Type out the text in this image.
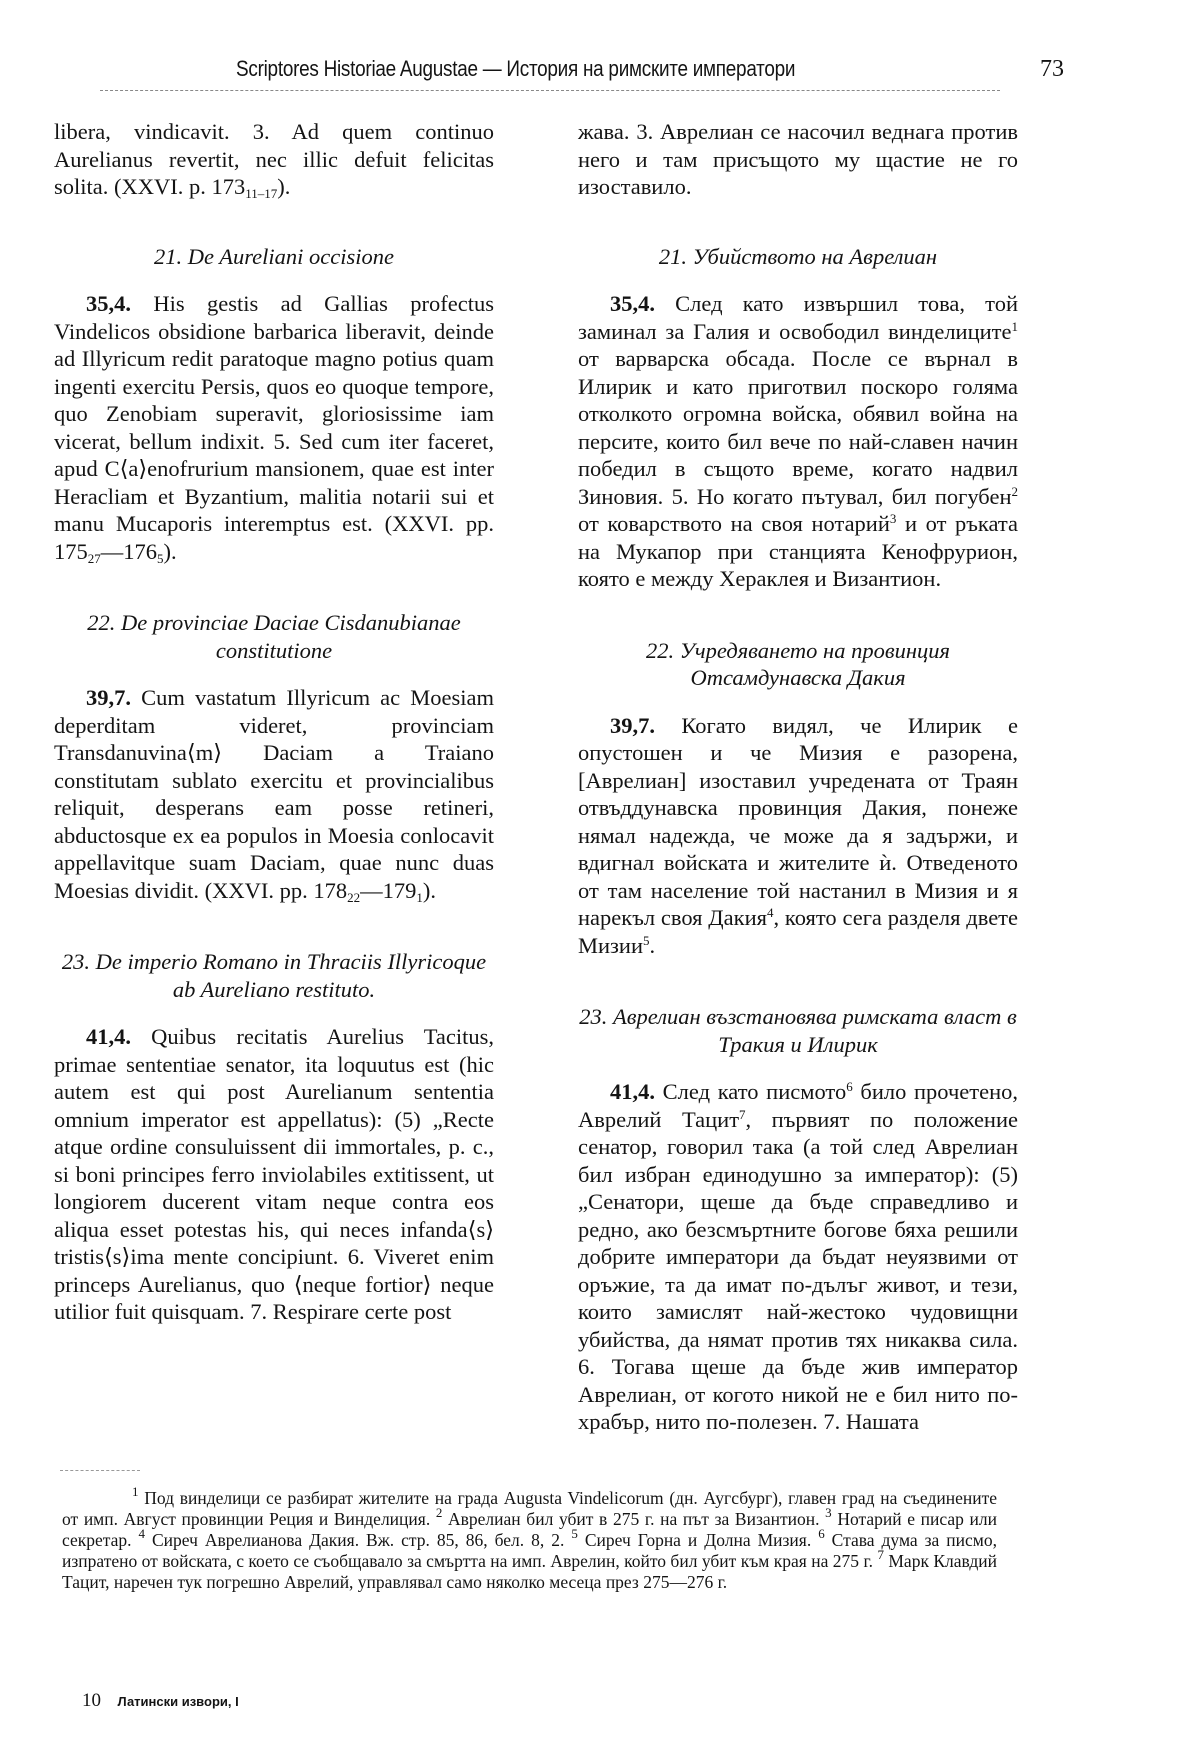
Scriptores Historiae Augustae — История на римските императори	73

libera, vindicavit. 3. Ad quem continuo Aurelianus revertit, nec illic defuit felicitas solita. (XXVI. p. $173_{11-17}$).

21. De Aureliani occisione

35,4. His gestis ad Gallias profectus Vindelicos obsidione barbarica liberavit, deinde ad Illyricum redit paratoque magno potius quam ingenti exercitu Persis, quos eo quoque tempore, quo Zenobiam superavit, gloriosissime iam vicerat, bellum indixit. 5. Sed cum iter faceret, apud C⟨a⟩enofrurium mansionem, quae est inter Heracliam et Byzantium, malitia notarii sui et manu Mucaporis interemptus est. (XXVI. pp. $175_{27}—176_5$).

22. De provinciae Daciae Cisdanubianae constitutione

39,7. Cum vastatum Illyricum ac Moesiam deperditam videret, provinciam Transdanuvina⟨m⟩ Daciam a Traiano constitutam sublato exercitu et provincialibus reliquit, desperans eam posse retineri, abductosque ex ea populos in Moesia conlocavit appellavitque suam Daciam, quae nunc duas Moesias dividit. (XXVI. pp. $178_{22}—179_1$).

23. De imperio Romano in Thraciis Illyricoque ab Aureliano restituto.

41,4. Quibus recitatis Aurelius Tacitus, primae sententiae senator, ita loquutus est (hic autem est qui post Aurelianum sententia omnium imperator est appellatus): (5) „Recte atque ordine consuluissent dii immortales, p. c., si boni principes ferro inviolabiles extitissent, ut longiorem ducerent vitam neque contra eos aliqua esset potestas his, qui neces infanda⟨s⟩ tristis⟨s⟩ima mente concipiunt. 6. Viveret enim princeps Aurelianus, quo ⟨neque fortior⟩ neque utilior fuit quisquam. 7. Respirare certe post

жава. 3. Аврелиан се насочил веднага против него и там присъщото му щастие не го изоставило.

21. Убийството на Аврелиан

35,4. След като извършил това, той заминал за Галия и освободил винделиците$^1$ от варварска обсада. После се върнал в Илирик и като приготвил поскоро голяма отколкото огромна войска, обявил война на персите, които бил вече по най-славен начин победил в същото време, когато надвил Зиновия. 5. Но когато пътувал, бил погубен$^2$ от коварството на своя нотарий$^3$ и от ръката на Мукапор при станцията Кенофрурион, която е между Хераклея и Византион.

22. Учредяването на провинция Отсамдунавска Дакия

39,7. Когато видял, че Илирик е опустошен и че Мизия е разорена, [Аврелиан] изоставил учредената от Траян отвъддунавска провинция Дакия, понеже нямал надежда, че може да я задържи, и вдигнал войската и жителите ѝ. Отведеното от там население той настанил в Мизия и я нарекъл своя Дакия$^4$, която сега разделя двете Мизии$^5$.

23. Аврелиан възстановява римската власт в Тракия и Илирик

41,4. След като писмото$^6$ било прочетено, Аврелий Тацит$^7$, първият по положение сенатор, говорил така (а той след Аврелиан бил избран единодушно за император): (5) „Сенатори, щеше да бъде справедливо и редно, ако безсмъртните богове бяха решили добрите императори да бъдат неуязвими от оръжие, та да имат по-дълъг живот, и тези, които замислят най-жестоко чудовищни убийства, да нямат против тях никаква сила. 6. Тогава щеше да бъде жив император Аврелиан, от когото никой не е бил нито по-храбър, нито по-полезен. 7. Нашата

$^1$ Под винделици се разбират жителите на града Augusta Vindelicorum (дн. Аугсбург), главен град на съединените от имп. Август провинции Реция и Винделиция. $^2$ Аврелиан бил убит в 275 г. на път за Византион. $^3$ Нотарий е писар или секретар. $^4$ Сиреч Аврелианова Дакия. Вж. стр. 85, 86, бел. 8, 2. $^5$ Сиреч Горна и Долна Мизия. $^6$ Става дума за писмо, изпратено от войската, с което се съобщавало за смъртта на имп. Аврелин, който бил убит към края на 275 г. $^7$ Марк Клавдий Тацит, наречен тук погрешно Аврелий, управлявал само няколко месеца през 275—276 г.
10 Латински извори, I
